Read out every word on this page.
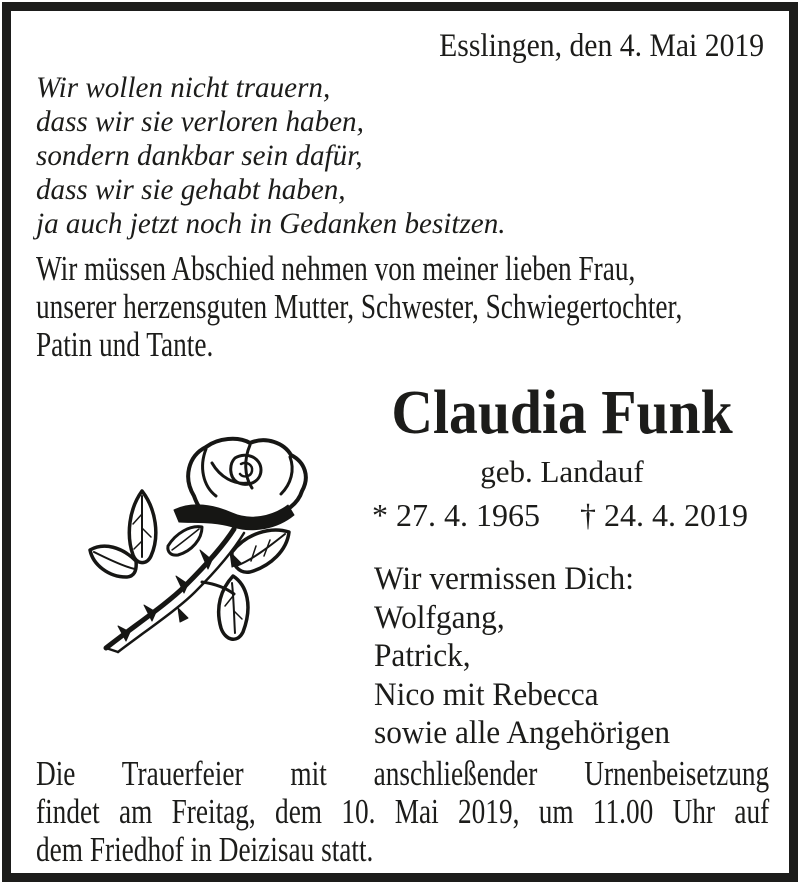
Esslingen, den 4. Mai 2019
Wir wollen nicht trauern,
dass wir sie verloren haben,
sondern dankbar sein dafür,
dass wir sie gehabt haben,
ja auch jetzt noch in Gedanken besitzen.
Wir müssen Abschied nehmen von meiner lieben Frau,
unserer herzensguten Mutter, Schwester, Schwiegertochter,
Patin und Tante.
Claudia Funk
geb. Landauf
* 27. 4. 1965 † 24. 4. 2019
Wir vermissen Dich:
Wolfgang,
Patrick,
Nico mit Rebecca
sowie alle Angehörigen
Die Trauerfeier mit anschließender Urnenbeisetzung
findet am Freitag, dem 10. Mai 2019, um 11.00 Uhr auf
dem Friedhof in Deizisau statt.
